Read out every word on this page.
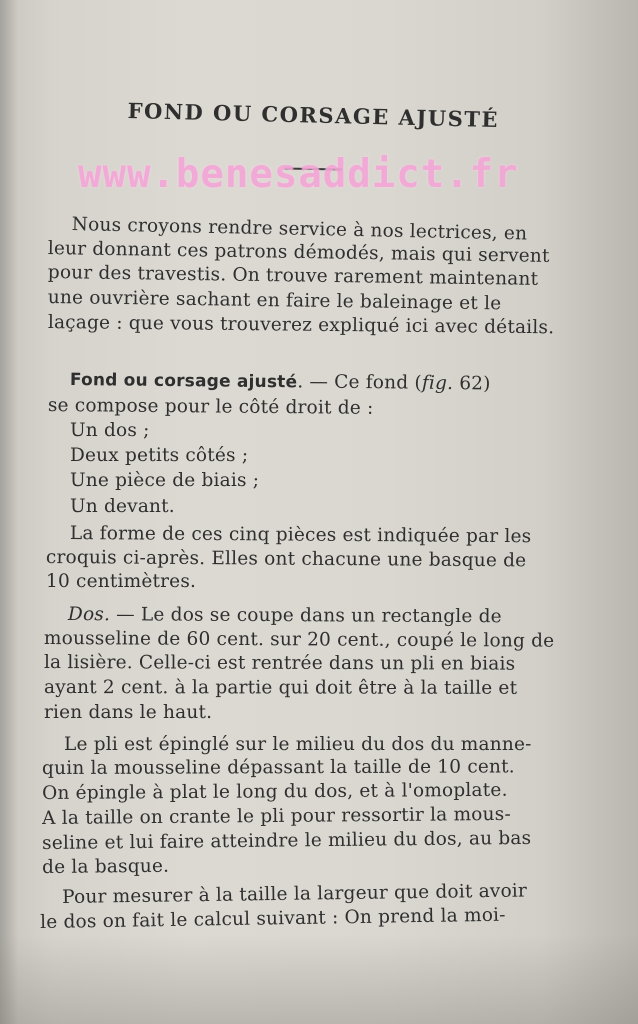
FOND OU CORSAGE AJUSTÉ
www.benesaddict.fr
Nous croyons rendre service à nos lectrices, en
leur donnant ces patrons démodés, mais qui servent
pour des travestis. On trouve rarement maintenant
une ouvrière sachant en faire le baleinage et le
laçage : que vous trouverez expliqué ici avec détails.
Fond ou corsage ajusté. — Ce fond (fig. 62)
se compose pour le côté droit de :
Un dos ;
Deux petits côtés ;
Une pièce de biais ;
Un devant.
La forme de ces cinq pièces est indiquée par les
croquis ci-après. Elles ont chacune une basque de
10 centimètres.
Dos. — Le dos se coupe dans un rectangle de
mousseline de 60 cent. sur 20 cent., coupé le long de
la lisière. Celle-ci est rentrée dans un pli en biais
ayant 2 cent. à la partie qui doit être à la taille et
rien dans le haut.
Le pli est épinglé sur le milieu du dos du manne-
quin la mousseline dépassant la taille de 10 cent.
On épingle à plat le long du dos, et à l'omoplate.
A la taille on crante le pli pour ressortir la mous-
seline et lui faire atteindre le milieu du dos, au bas
de la basque.
Pour mesurer à la taille la largeur que doit avoir
le dos on fait le calcul suivant : On prend la moi-
